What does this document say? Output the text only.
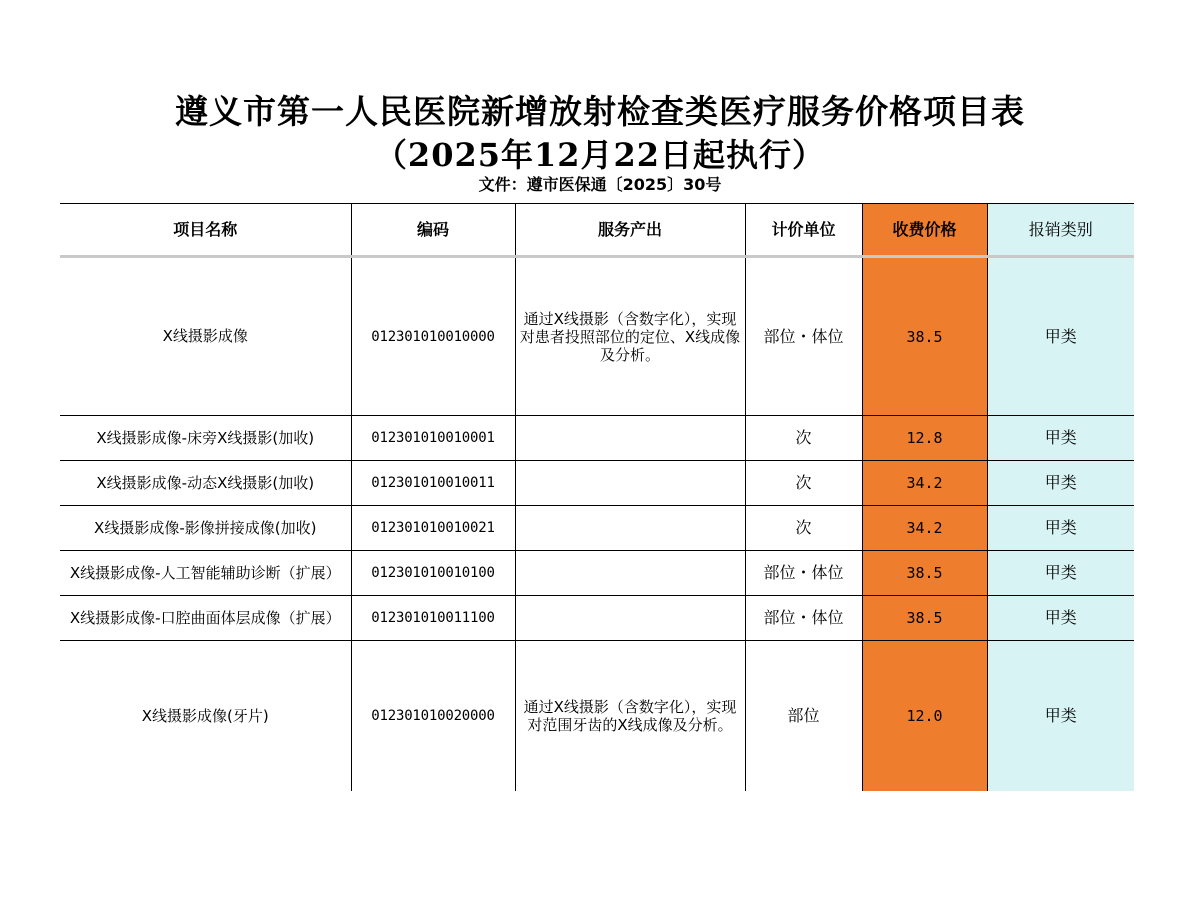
遵义市第一人民医院新增放射检查类医疗服务价格项目表
（2025年12月22日起执行）
文件：遵市医保通〔2025〕30号
项目名称	编码	服务产出	计价单位	收费价格	报销类别
X线摄影成像	012301010010000	通过X线摄影（含数字化），实现对患者投照部位的定位、X线成像及分析。	部位・体位	38.5	甲类
X线摄影成像-床旁X线摄影(加收)	012301010010001		次	12.8	甲类
X线摄影成像-动态X线摄影(加收)	012301010010011		次	34.2	甲类
X线摄影成像-影像拼接成像(加收)	012301010010021		次	34.2	甲类
X线摄影成像-人工智能辅助诊断（扩展）	012301010010100		部位・体位	38.5	甲类
X线摄影成像-口腔曲面体层成像（扩展）	012301010011100		部位・体位	38.5	甲类
X线摄影成像(牙片)	012301010020000	通过X线摄影（含数字化），实现对范围牙齿的X线成像及分析。	部位	12.0	甲类
